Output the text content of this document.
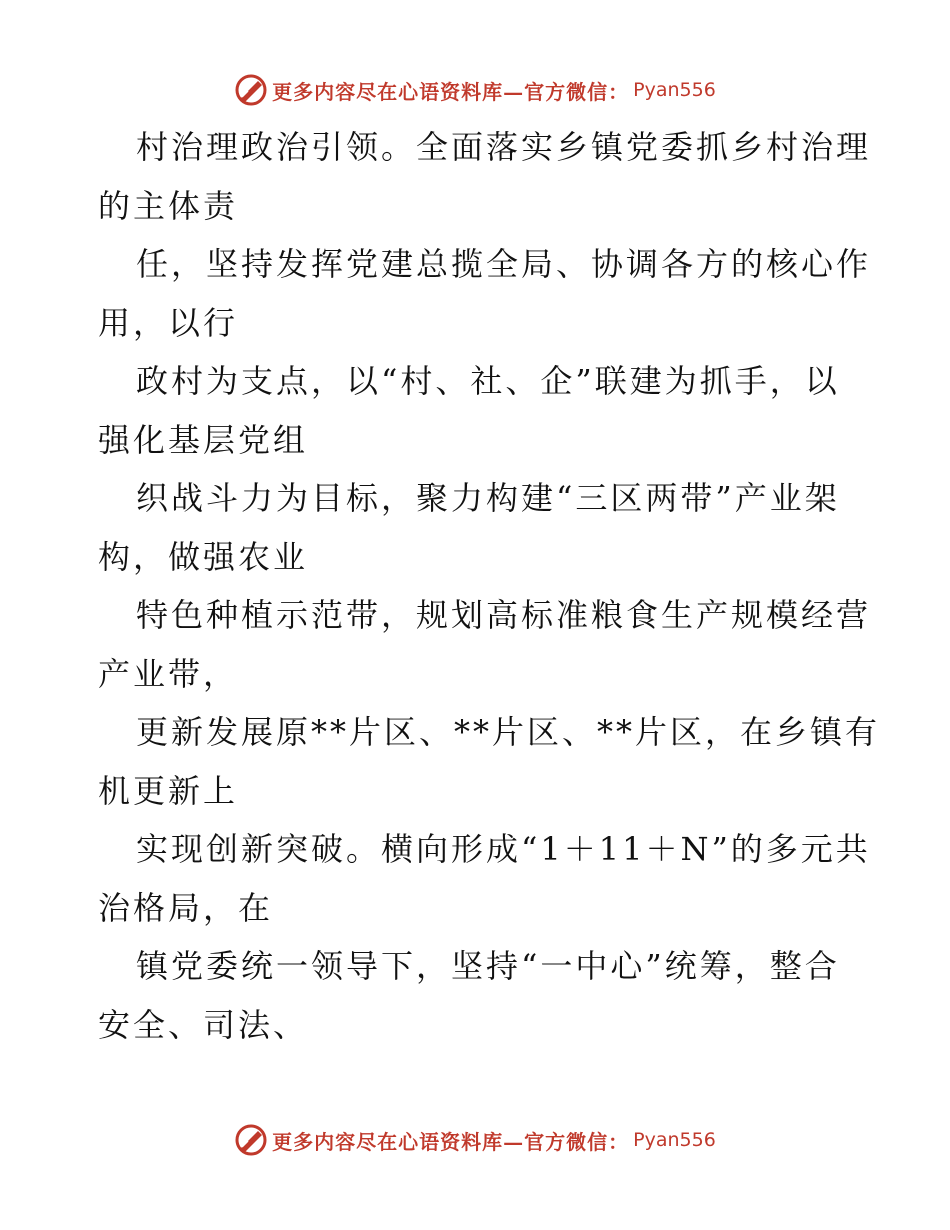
更多内容尽在心语资料库—官方微信： Pyan556
村治理政治引领。全面落实乡镇党委抓乡村治理
的主体责
任，坚持发挥党建总揽全局、协调各方的核心作
用，以行
政村为支点，以“村、社、企”联建为抓手，以
强化基层党组
织战斗力为目标，聚力构建“三区两带”产业架
构，做强农业
特色种植示范带，规划高标准粮食生产规模经营
产业带，
更新发展原**片区、**片区、**片区，在乡镇有
机更新上
实现创新突破。横向形成“1＋11＋N”的多元共
治格局，在
镇党委统一领导下，坚持“一中心”统筹，整合
安全、司法、
更多内容尽在心语资料库—官方微信： Pyan556
